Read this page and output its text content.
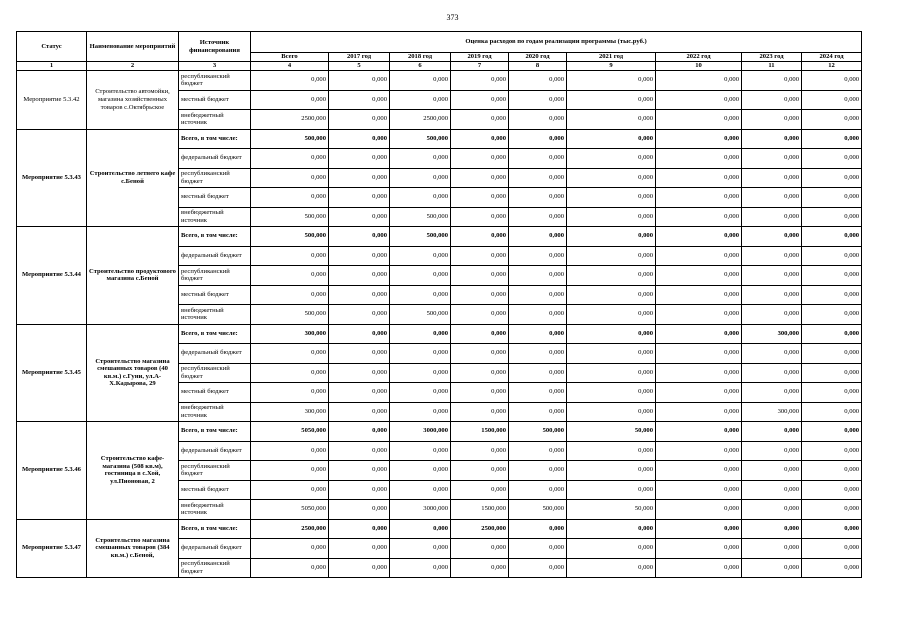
373
Статус	Наименование мероприятий	Источник финансирования	Оценка расходов по годам реализации программы (тыс.руб.)								
			Всего	2017 год	2018 год	2019 год	2020 год	2021 год	2022 год	2023 год	2024 год
1	2	3	4	5	6	7	8	9	10	11	12
Мероприятие 5.3.42	Строительство автомойки, магазина хозяйственных товаров с.Октябрьское	республиканский бюджет	0,000	0,000	0,000	0,000	0,000	0,000	0,000	0,000	0,000
		местный бюджет	0,000	0,000	0,000	0,000	0,000	0,000	0,000	0,000	0,000
		внебюджетный источник	2500,000	0,000	2500,000	0,000	0,000	0,000	0,000	0,000	0,000
Мероприятие 5.3.43	Строительство летнего кафе с.Беной	Всего, в том числе:	500,000	0,000	500,000	0,000	0,000	0,000	0,000	0,000	0,000
		федеральный бюджет	0,000	0,000	0,000	0,000	0,000	0,000	0,000	0,000	0,000
		республиканский бюджет	0,000	0,000	0,000	0,000	0,000	0,000	0,000	0,000	0,000
		местный бюджет	0,000	0,000	0,000	0,000	0,000	0,000	0,000	0,000	0,000
		внебюджетный источник	500,000	0,000	500,000	0,000	0,000	0,000	0,000	0,000	0,000
Мероприятие 5.3.44	Строительство продуктового магазина с.Беной	Всего, в том числе:	500,000	0,000	500,000	0,000	0,000	0,000	0,000	0,000	0,000
		федеральный бюджет	0,000	0,000	0,000	0,000	0,000	0,000	0,000	0,000	0,000
		республиканский бюджет	0,000	0,000	0,000	0,000	0,000	0,000	0,000	0,000	0,000
		местный бюджет	0,000	0,000	0,000	0,000	0,000	0,000	0,000	0,000	0,000
		внебюджетный источник	500,000	0,000	500,000	0,000	0,000	0,000	0,000	0,000	0,000
Мероприятие 5.3.45	Строительство магазина смешанных товаров (40 кв.м.) с.Гуни, ул.А-Х.Кадырова, 29	Всего, в том числе:	300,000	0,000	0,000	0,000	0,000	0,000	0,000	300,000	0,000
		федеральный бюджет	0,000	0,000	0,000	0,000	0,000	0,000	0,000	0,000	0,000
		республиканский бюджет	0,000	0,000	0,000	0,000	0,000	0,000	0,000	0,000	0,000
		местный бюджет	0,000	0,000	0,000	0,000	0,000	0,000	0,000	0,000	0,000
		внебюджетный источник	300,000	0,000	0,000	0,000	0,000	0,000	0,000	300,000	0,000
Мероприятие 5.3.46	Строительство кафе-магазина (508 кв.м), гостиница в с.Хой, ул.Пионовая, 2	Всего, в том числе:	5050,000	0,000	3000,000	1500,000	500,000	50,000	0,000	0,000	0,000
		федеральный бюджет	0,000	0,000	0,000	0,000	0,000	0,000	0,000	0,000	0,000
		республиканский бюджет	0,000	0,000	0,000	0,000	0,000	0,000	0,000	0,000	0,000
		местный бюджет	0,000	0,000	0,000	0,000	0,000	0,000	0,000	0,000	0,000
		внебюджетный источник	5050,000	0,000	3000,000	1500,000	500,000	50,000	0,000	0,000	0,000
Мероприятие 5.3.47	Строительство магазина смешанных товаров (384 кв.м.) с.Беной,	Всего, в том числе:	2500,000	0,000	0,000	2500,000	0,000	0,000	0,000	0,000	0,000
		федеральный бюджет	0,000	0,000	0,000	0,000	0,000	0,000	0,000	0,000	0,000
		республиканский бюджет	0,000	0,000	0,000	0,000	0,000	0,000	0,000	0,000	0,000
